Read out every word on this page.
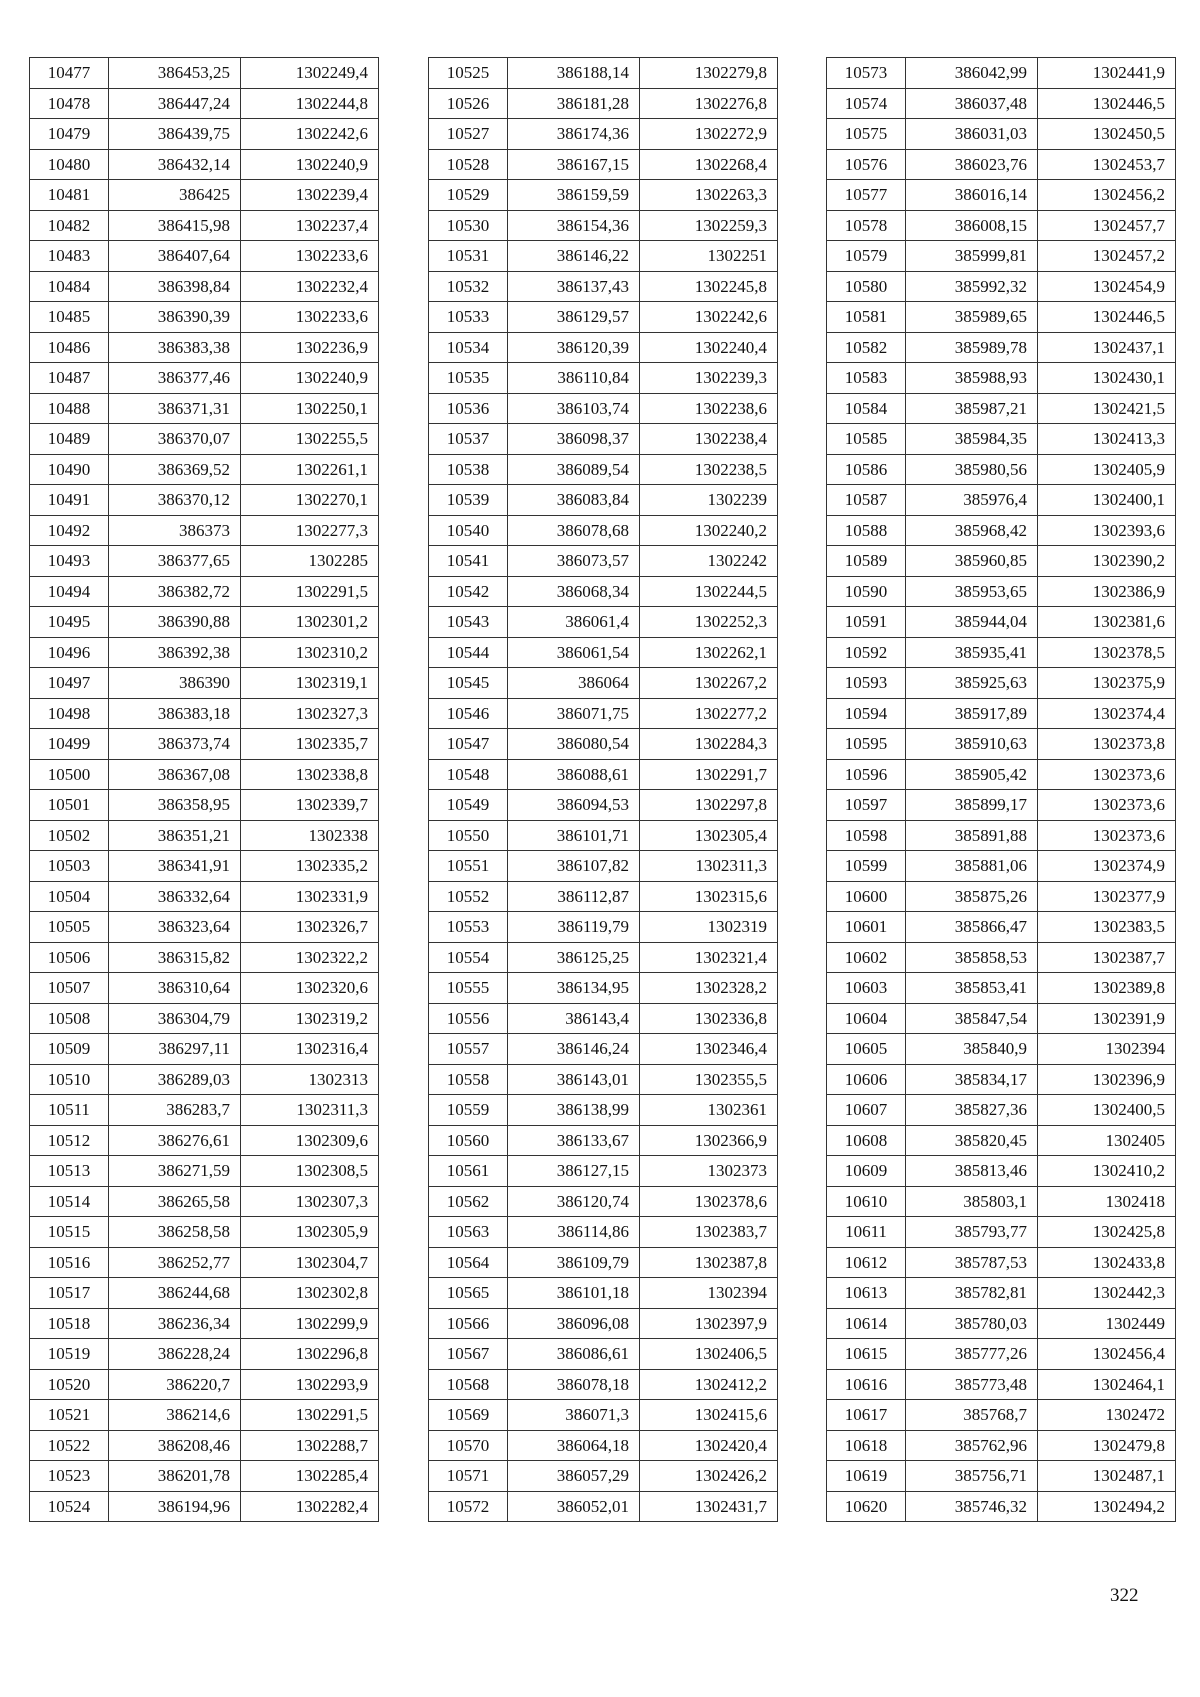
10477	386453,25	1302249,4
10478	386447,24	1302244,8
10479	386439,75	1302242,6
10480	386432,14	1302240,9
10481	386425	1302239,4
10482	386415,98	1302237,4
10483	386407,64	1302233,6
10484	386398,84	1302232,4
10485	386390,39	1302233,6
10486	386383,38	1302236,9
10487	386377,46	1302240,9
10488	386371,31	1302250,1
10489	386370,07	1302255,5
10490	386369,52	1302261,1
10491	386370,12	1302270,1
10492	386373	1302277,3
10493	386377,65	1302285
10494	386382,72	1302291,5
10495	386390,88	1302301,2
10496	386392,38	1302310,2
10497	386390	1302319,1
10498	386383,18	1302327,3
10499	386373,74	1302335,7
10500	386367,08	1302338,8
10501	386358,95	1302339,7
10502	386351,21	1302338
10503	386341,91	1302335,2
10504	386332,64	1302331,9
10505	386323,64	1302326,7
10506	386315,82	1302322,2
10507	386310,64	1302320,6
10508	386304,79	1302319,2
10509	386297,11	1302316,4
10510	386289,03	1302313
10511	386283,7	1302311,3
10512	386276,61	1302309,6
10513	386271,59	1302308,5
10514	386265,58	1302307,3
10515	386258,58	1302305,9
10516	386252,77	1302304,7
10517	386244,68	1302302,8
10518	386236,34	1302299,9
10519	386228,24	1302296,8
10520	386220,7	1302293,9
10521	386214,6	1302291,5
10522	386208,46	1302288,7
10523	386201,78	1302285,4
10524	386194,96	1302282,4
10525	386188,14	1302279,8
10526	386181,28	1302276,8
10527	386174,36	1302272,9
10528	386167,15	1302268,4
10529	386159,59	1302263,3
10530	386154,36	1302259,3
10531	386146,22	1302251
10532	386137,43	1302245,8
10533	386129,57	1302242,6
10534	386120,39	1302240,4
10535	386110,84	1302239,3
10536	386103,74	1302238,6
10537	386098,37	1302238,4
10538	386089,54	1302238,5
10539	386083,84	1302239
10540	386078,68	1302240,2
10541	386073,57	1302242
10542	386068,34	1302244,5
10543	386061,4	1302252,3
10544	386061,54	1302262,1
10545	386064	1302267,2
10546	386071,75	1302277,2
10547	386080,54	1302284,3
10548	386088,61	1302291,7
10549	386094,53	1302297,8
10550	386101,71	1302305,4
10551	386107,82	1302311,3
10552	386112,87	1302315,6
10553	386119,79	1302319
10554	386125,25	1302321,4
10555	386134,95	1302328,2
10556	386143,4	1302336,8
10557	386146,24	1302346,4
10558	386143,01	1302355,5
10559	386138,99	1302361
10560	386133,67	1302366,9
10561	386127,15	1302373
10562	386120,74	1302378,6
10563	386114,86	1302383,7
10564	386109,79	1302387,8
10565	386101,18	1302394
10566	386096,08	1302397,9
10567	386086,61	1302406,5
10568	386078,18	1302412,2
10569	386071,3	1302415,6
10570	386064,18	1302420,4
10571	386057,29	1302426,2
10572	386052,01	1302431,7
10573	386042,99	1302441,9
10574	386037,48	1302446,5
10575	386031,03	1302450,5
10576	386023,76	1302453,7
10577	386016,14	1302456,2
10578	386008,15	1302457,7
10579	385999,81	1302457,2
10580	385992,32	1302454,9
10581	385989,65	1302446,5
10582	385989,78	1302437,1
10583	385988,93	1302430,1
10584	385987,21	1302421,5
10585	385984,35	1302413,3
10586	385980,56	1302405,9
10587	385976,4	1302400,1
10588	385968,42	1302393,6
10589	385960,85	1302390,2
10590	385953,65	1302386,9
10591	385944,04	1302381,6
10592	385935,41	1302378,5
10593	385925,63	1302375,9
10594	385917,89	1302374,4
10595	385910,63	1302373,8
10596	385905,42	1302373,6
10597	385899,17	1302373,6
10598	385891,88	1302373,6
10599	385881,06	1302374,9
10600	385875,26	1302377,9
10601	385866,47	1302383,5
10602	385858,53	1302387,7
10603	385853,41	1302389,8
10604	385847,54	1302391,9
10605	385840,9	1302394
10606	385834,17	1302396,9
10607	385827,36	1302400,5
10608	385820,45	1302405
10609	385813,46	1302410,2
10610	385803,1	1302418
10611	385793,77	1302425,8
10612	385787,53	1302433,8
10613	385782,81	1302442,3
10614	385780,03	1302449
10615	385777,26	1302456,4
10616	385773,48	1302464,1
10617	385768,7	1302472
10618	385762,96	1302479,8
10619	385756,71	1302487,1
10620	385746,32	1302494,2
322
